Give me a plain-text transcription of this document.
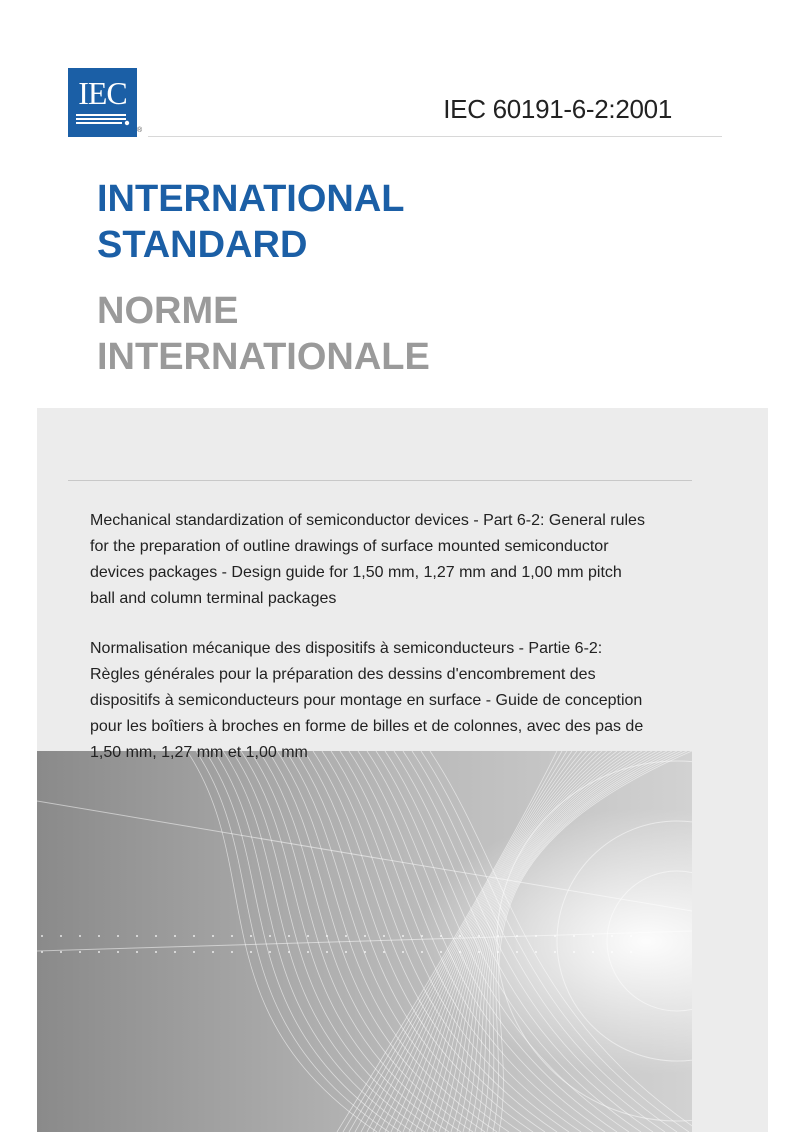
IEC
®
IEC 60191-6-2:2001
INTERNATIONAL
STANDARD
NORME
INTERNATIONALE

Mechanical standardization of semiconductor devices - Part 6-2: General rules for the preparation of outline drawings of surface mounted semiconductor devices packages - Design guide for 1,50 mm, 1,27 mm and 1,00 mm pitch ball and column terminal packages

Normalisation mécanique des dispositifs à semiconducteurs - Partie 6-2: Règles générales pour la préparation des dessins d'encombrement des dispositifs à semiconducteurs pour montage en surface - Guide de conception pour les boîtiers à broches en forme de billes et de colonnes, avec des pas de 1,50 mm, 1,27 mm et 1,00 mm
